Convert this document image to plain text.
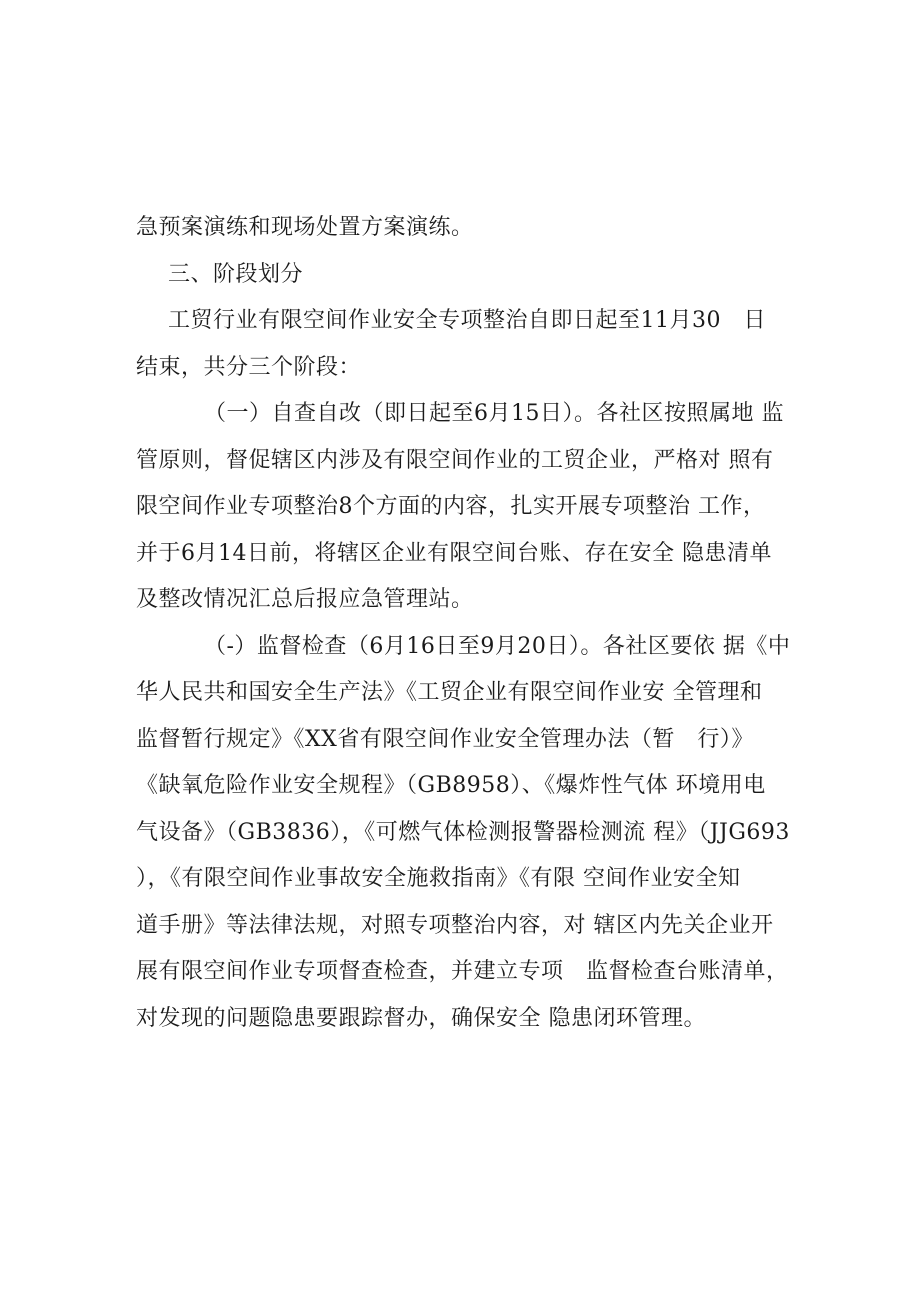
急预案演练和现场处置方案演练。
三、阶段划分
工贸行业有限空间作业安全专项整治自即日起至11月30　日
结束，共分三个阶段：
（一）自查自改（即日起至6月15日）。各社区按照属地 监
管原则，督促辖区内涉及有限空间作业的工贸企业，严格对 照有
限空间作业专项整治8个方面的内容，扎实开展专项整治 工作，
并于6月14日前，将辖区企业有限空间台账、存在安全 隐患清单
及整改情况汇总后报应急管理站。
（-）监督检查（6月16日至9月20日）。各社区要依 据《中
华人民共和国安全生产法》《工贸企业有限空间作业安 全管理和
监督暂行规定》《XX省有限空间作业安全管理办法（暂　行）》
《缺氧危险作业安全规程》（GB8958）、《爆炸性气体 环境用电
气设备》（GB3836），《可燃气体检测报警器检测流 程》（JJG693
），《有限空间作业事故安全施救指南》《有限 空间作业安全知
道手册》等法律法规，对照专项整治内容，对 辖区内先关企业开
展有限空间作业专项督查检查，并建立专项　监督检查台账清单，
对发现的问题隐患要跟踪督办，确保安全 隐患闭环管理。
